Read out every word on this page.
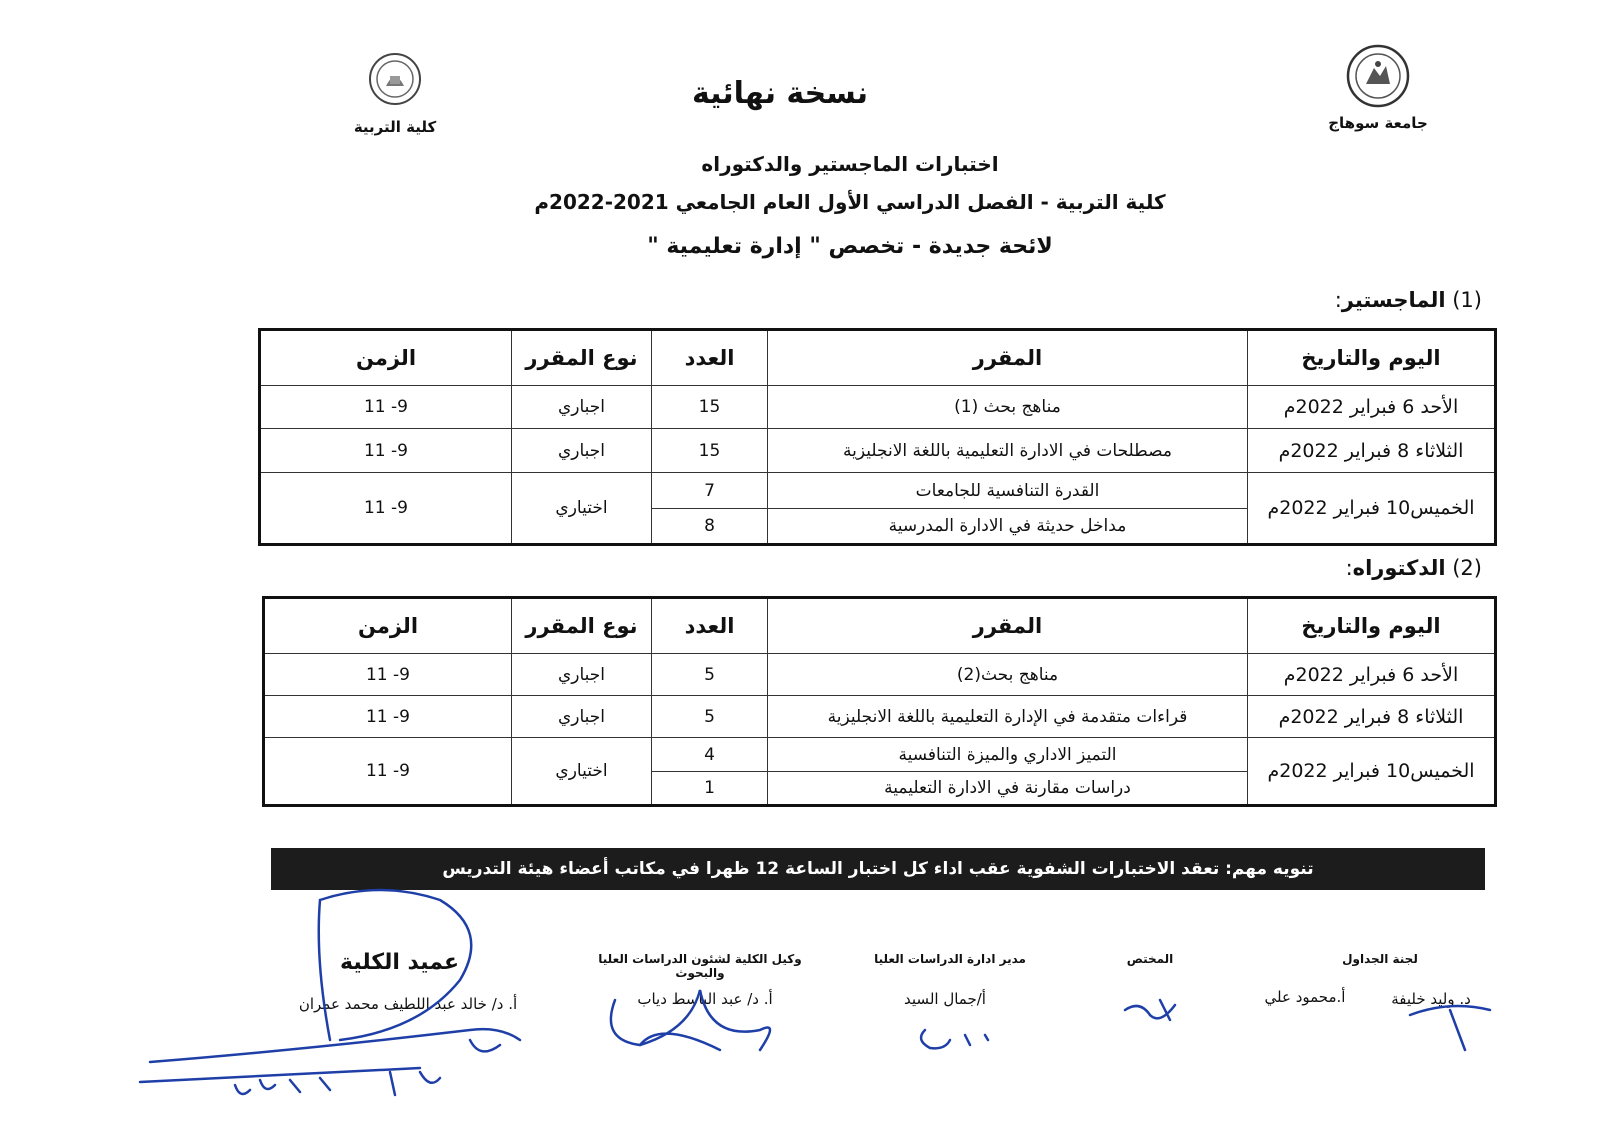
كلية التربية	جامعة سوهاج
نسخة نهائية
اختبارات الماجستير والدكتوراه
كلية التربية - الفصل الدراسي الأول العام الجامعي 2021-2022م
لائحة جديدة - تخصص " إدارة تعليمية "
(1) الماجستير:
اليوم والتاريخ	المقرر	العدد	نوع المقرر	الزمن
الأحد 6 فبراير 2022م	مناهج بحث (1)	15	اجباري	9- 11
الثلاثاء 8 فبراير 2022م	مصطلحات في الادارة التعليمية باللغة الانجليزية	15	اجباري	9- 11
الخميس10 فبراير 2022م	القدرة التنافسية للجامعات	7	اختياري	9- 11
	مداخل حديثة في الادارة المدرسية	8		
(2) الدكتوراه:
اليوم والتاريخ	المقرر	العدد	نوع المقرر	الزمن
الأحد 6 فبراير 2022م	مناهج بحث(2)	5	اجباري	9- 11
الثلاثاء 8 فبراير 2022م	قراءات متقدمة في الإدارة التعليمية باللغة الانجليزية	5	اجباري	9- 11
الخميس10 فبراير 2022م	التميز الاداري والميزة التنافسية	4	اختياري	9- 11
	دراسات مقارنة في الادارة التعليمية	1		
تنويه مهم: تعقد الاختبارات الشفوية عقب اداء كل اختبار الساعة 12 ظهرا في مكاتب أعضاء هيئة التدريس
لجنة الجداول
د. وليد خليفة
أ.محمود علي
المختص
مدير ادارة الدراسات العليا
أ/جمال السيد
وكيل الكلية لشئون الدراسات العليا والبحوث
أ. د/ عبد الباسط دياب
عميد الكلية
أ. د/ خالد عبد اللطيف محمد عمران
